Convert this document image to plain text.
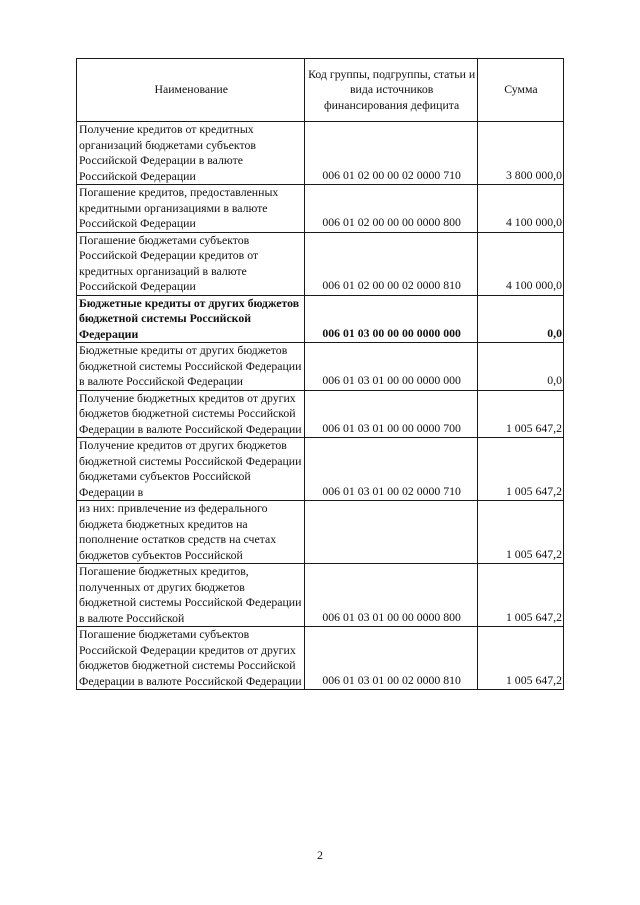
Наименование	Код группы, подгруппы, статьи и вида источников финансирования дефицита	Сумма
Получение кредитов от кредитных организаций бюджетами субъектов Российской Федерации в валюте Российской Федерации	006 01 02 00 00 02 0000 710	3 800 000,0
Погашение кредитов, предоставленных кредитными организациями в валюте Российской Федерации	006 01 02 00 00 00 0000 800	4 100 000,0
Погашение бюджетами субъектов Российской Федерации кредитов от кредитных организаций в валюте Российской Федерации	006 01 02 00 00 02 0000 810	4 100 000,0
Бюджетные кредиты от других бюджетов бюджетной системы Российской Федерации	006 01 03 00 00 00 0000 000	0,0
Бюджетные кредиты от других бюджетов бюджетной системы Российской Федерации в валюте Российской Федерации	006 01 03 01 00 00 0000 000	0,0
Получение бюджетных кредитов от других бюджетов бюджетной системы Российской Федерации в валюте Российской Федерации	006 01 03 01 00 00 0000 700	1 005 647,2
Получение кредитов от других бюджетов бюджетной системы Российской Федерации бюджетами субъектов Российской Федерации в	006 01 03 01 00 02 0000 710	1 005 647,2
из них: привлечение из федерального бюджета бюджетных кредитов на пополнение остатков средств на счетах бюджетов субъектов Российской		1 005 647,2
Погашение бюджетных кредитов, полученных от других бюджетов бюджетной системы Российской Федерации в валюте Российской	006 01 03 01 00 00 0000 800	1 005 647,2
Погашение бюджетами субъектов Российской Федерации кредитов от других бюджетов бюджетной системы Российской Федерации в валюте Российской Федерации	006 01 03 01 00 02 0000 810	1 005 647,2
2
